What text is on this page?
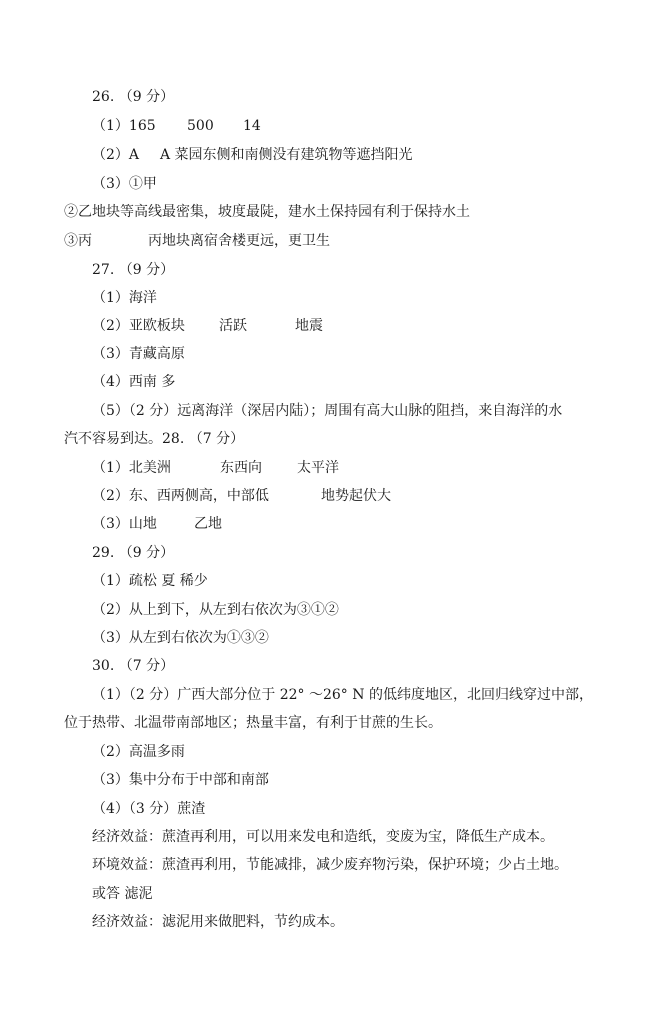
26. （9 分）
（1）165 500 14
（2）A A 菜园东侧和南侧没有建筑物等遮挡阳光
（3）①甲
②乙地块等高线最密集，坡度最陡，建水土保持园有利于保持水土
③丙	丙地块离宿舍楼更远，更卫生
27. （9 分）
（1）海洋
（2）亚欧板块 活跃	地震
（3）青藏高原
（4）西南 多
（5）（2 分）远离海洋（深居内陆）；周围有高大山脉的阻挡，来自海洋的水
汽不容易到达。28. （7 分）
（1）北美洲	东西向	太平洋
（2）东、西两侧高，中部低	地势起伏大
（3）山地	乙地
29. （9 分）
（1）疏松 夏 稀少
（2）从上到下，从左到右依次为③①②
（3）从左到右依次为①③②
30. （7 分）
（1）（2 分）广西大部分位于 22° ～26° N 的低纬度地区，北回归线穿过中部，
位于热带、北温带南部地区；热量丰富，有利于甘蔗的生长。
（2）高温多雨
（3）集中分布于中部和南部
（4）（3 分）蔗渣
经济效益：蔗渣再利用，可以用来发电和造纸，变废为宝，降低生产成本。
环境效益：蔗渣再利用，节能减排，减少废弃物污染，保护环境；少占土地。
或答 滤泥
经济效益：滤泥用来做肥料，节约成本。
